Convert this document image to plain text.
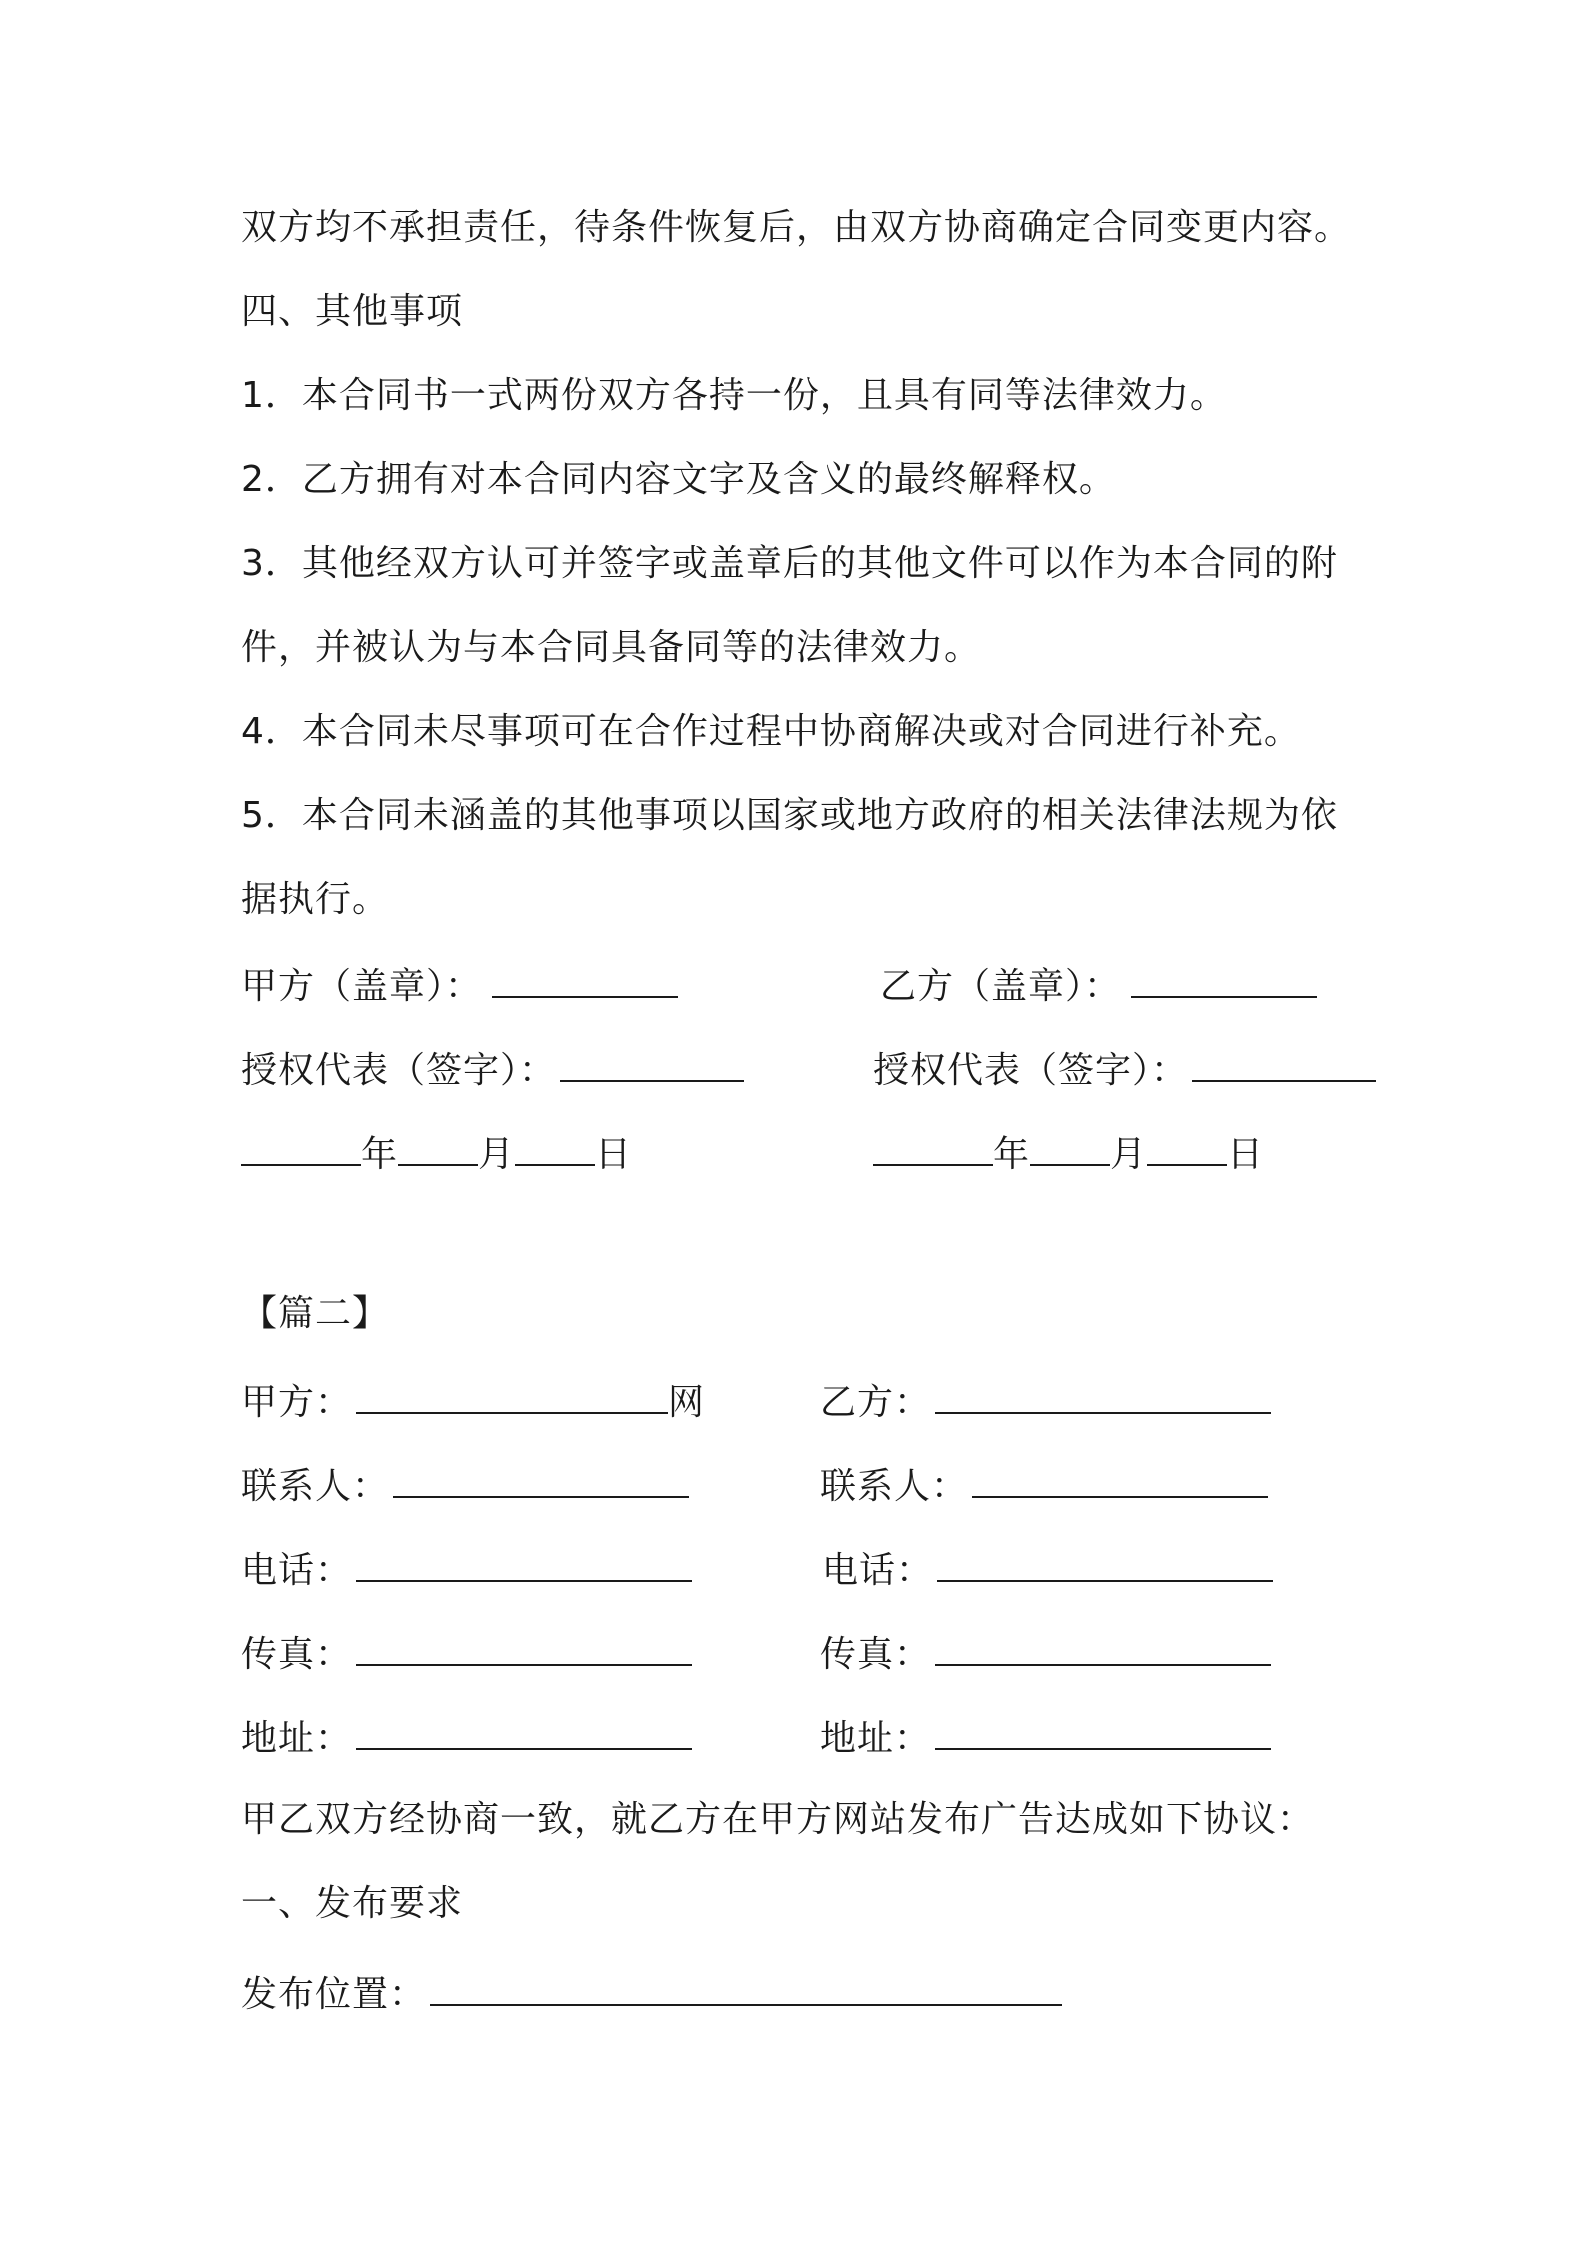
双方均不承担责任，待条件恢复后，由双方协商确定合同变更内容。
四、其他事项
1．本合同书一式两份双方各持一份，且具有同等法律效力。
2．乙方拥有对本合同内容文字及含义的最终解释权。
3．其他经双方认可并签字或盖章后的其他文件可以作为本合同的附
件，并被认为与本合同具备同等的法律效力。
4．本合同未尽事项可在合作过程中协商解决或对合同进行补充。
5．本合同未涵盖的其他事项以国家或地方政府的相关法律法规为依
据执行。
甲方（盖章）：	乙方（盖章）：
授权代表（签字）：	授权代表（签字）：
年 月 日	年 月 日
【篇二】
甲方：	网	乙方：
联系人：	联系人：
电话：	电话：
传真：	传真：
地址：	地址：
甲乙双方经协商一致，就乙方在甲方网站发布广告达成如下协议：
一、发布要求
发布位置：
